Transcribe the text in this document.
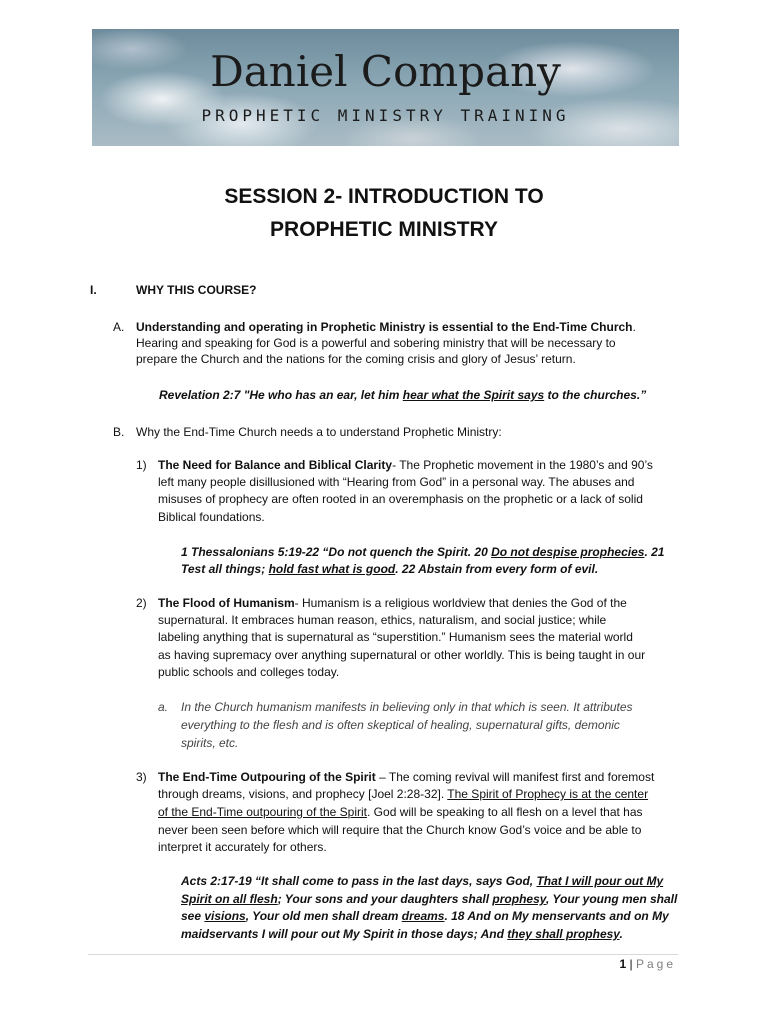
Daniel Company
PROPHETIC MINISTRY TRAINING
SESSION 2- INTRODUCTION TO
PROPHETIC MINISTRY
I.	WHY THIS COURSE?
A. Understanding and operating in Prophetic Ministry is essential to the End-Time Church.
Hearing and speaking for God is a powerful and sobering ministry that will be necessary to
prepare the Church and the nations for the coming crisis and glory of Jesus’ return.
Revelation 2:7 "He who has an ear, let him hear what the Spirit says to the churches.”
B. Why the End-Time Church needs a to understand Prophetic Ministry:
1) The Need for Balance and Biblical Clarity- The Prophetic movement in the 1980’s and 90’s
left many people disillusioned with “Hearing from God” in a personal way. The abuses and
misuses of prophecy are often rooted in an overemphasis on the prophetic or a lack of solid
Biblical foundations.
1 Thessalonians 5:19-22 “Do not quench the Spirit. 20 Do not despise prophecies. 21
Test all things; hold fast what is good. 22 Abstain from every form of evil.
2) The Flood of Humanism- Humanism is a religious worldview that denies the God of the
supernatural. It embraces human reason, ethics, naturalism, and social justice; while
labeling anything that is supernatural as “superstition.” Humanism sees the material world
as having supremacy over anything supernatural or other worldly. This is being taught in our
public schools and colleges today.
a. In the Church humanism manifests in believing only in that which is seen. It attributes
everything to the flesh and is often skeptical of healing, supernatural gifts, demonic
spirits, etc.
3) The End-Time Outpouring of the Spirit – The coming revival will manifest first and foremost
through dreams, visions, and prophecy [Joel 2:28-32]. The Spirit of Prophecy is at the center
of the End-Time outpouring of the Spirit. God will be speaking to all flesh on a level that has
never been seen before which will require that the Church know God’s voice and be able to
interpret it accurately for others.
Acts 2:17-19 “It shall come to pass in the last days, says God, That I will pour out My
Spirit on all flesh; Your sons and your daughters shall prophesy, Your young men shall
see visions, Your old men shall dream dreams. 18 And on My menservants and on My
maidservants I will pour out My Spirit in those days; And they shall prophesy.
1 | Page
